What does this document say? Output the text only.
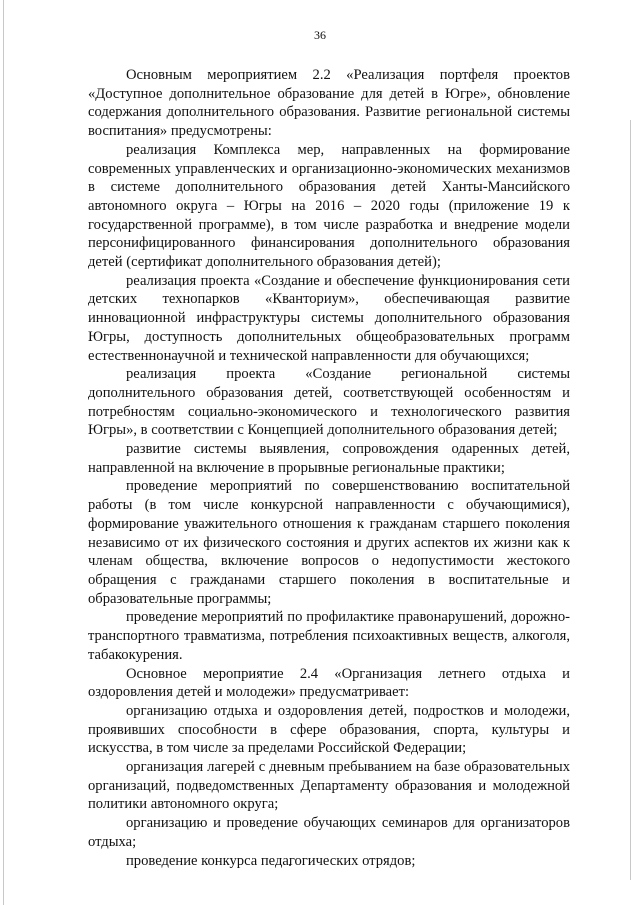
36

Основным мероприятием 2.2 «Реализация портфеля проектов «Доступное дополнительное образование для детей в Югре», обновление содержания дополнительного образования. Развитие региональной системы воспитания» предусмотрены:

реализация Комплекса мер, направленных на формирование современных управленческих и организационно-экономических механизмов в системе дополнительного образования детей Ханты-Мансийского автономного округа – Югры на 2016 – 2020 годы (приложение 19 к государственной программе), в том числе разработка и внедрение модели персонифицированного финансирования дополнительного образования детей (сертификат дополнительного образования детей);

реализация проекта «Создание и обеспечение функционирования сети детских технопарков «Кванториум», обеспечивающая развитие инновационной инфраструктуры системы дополнительного образования Югры, доступность дополнительных общеобразовательных программ естественнонаучной и технической направленности для обучающихся;

реализация проекта «Создание региональной системы дополнительного образования детей, соответствующей особенностям и потребностям социально-экономического и технологического развития Югры», в соответствии с Концепцией дополнительного образования детей;

развитие системы выявления, сопровождения одаренных детей, направленной на включение в прорывные региональные практики;

проведение мероприятий по совершенствованию воспитательной работы (в том числе конкурсной направленности с обучающимися), формирование уважительного отношения к гражданам старшего поколения независимо от их физического состояния и других аспектов их жизни как к членам общества, включение вопросов о недопустимости жестокого обращения с гражданами старшего поколения в воспитательные и образовательные программы;

проведение мероприятий по профилактике правонарушений, дорожно-транспортного травматизма, потребления психоактивных веществ, алкоголя, табакокурения.

Основное мероприятие 2.4 «Организация летнего отдыха и оздоровления детей и молодежи» предусматривает:

организацию отдыха и оздоровления детей, подростков и молодежи, проявивших способности в сфере образования, спорта, культуры и искусства, в том числе за пределами Российской Федерации;

организация лагерей с дневным пребыванием на базе образовательных организаций, подведомственных Департаменту образования и молодежной политики автономного округа;

организацию и проведение обучающих семинаров для организаторов отдыха;

проведение конкурса педагогических отрядов;
